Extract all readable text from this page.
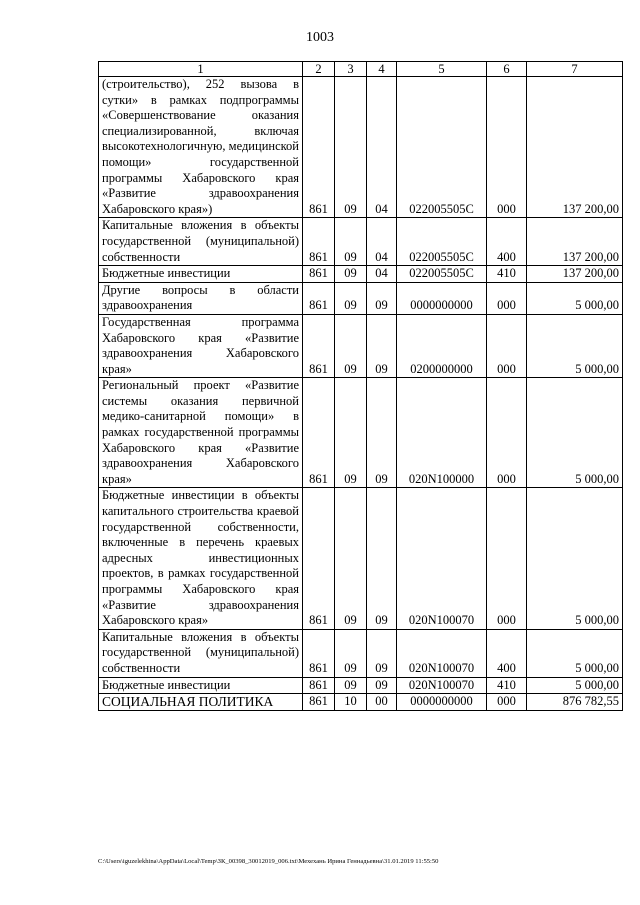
1003
1	2	3	4	5	6	7
(строительство), 252 вызова в сутки» в рамках подпрограммы «Совершенствование оказания специализированной, включая высокотехнологичную, медицинской помощи» государственной программы Хабаровского края «Развитие здравоохранения Хабаровского края»)	861	09	04	022005505С	000	137 200,00
Капитальные вложения в объекты государственной (муниципальной) собственности	861	09	04	022005505С	400	137 200,00
Бюджетные инвестиции	861	09	04	022005505С	410	137 200,00
Другие вопросы в области здравоохранения	861	09	09	0000000000	000	5 000,00
Государственная программа Хабаровского края «Развитие здравоохранения Хабаровского края»	861	09	09	0200000000	000	5 000,00
Региональный проект «Развитие системы оказания первичной медико-санитарной помощи» в рамках государственной программы Хабаровского края «Развитие здравоохранения Хабаровского края»	861	09	09	020N100000	000	5 000,00
Бюджетные инвестиции в объекты капитального строительства краевой государственной собственности, включенные в перечень краевых адресных инвестиционных проектов, в рамках государственной программы Хабаровского края «Развитие здравоохранения Хабаровского края»	861	09	09	020N100070	000	5 000,00
Капитальные вложения в объекты государственной (муниципальной) собственности	861	09	09	020N100070	400	5 000,00
Бюджетные инвестиции	861	09	09	020N100070	410	5 000,00
СОЦИАЛЬНАЯ ПОЛИТИКА	861	10	00	0000000000	000	876 782,55
C:\Users\iguzelekhina\AppData\Local\Temp\ЗК_00398_30012019_006.txt\Мехехань Ирина Геннадьевна\31.01.2019 11:55:50
